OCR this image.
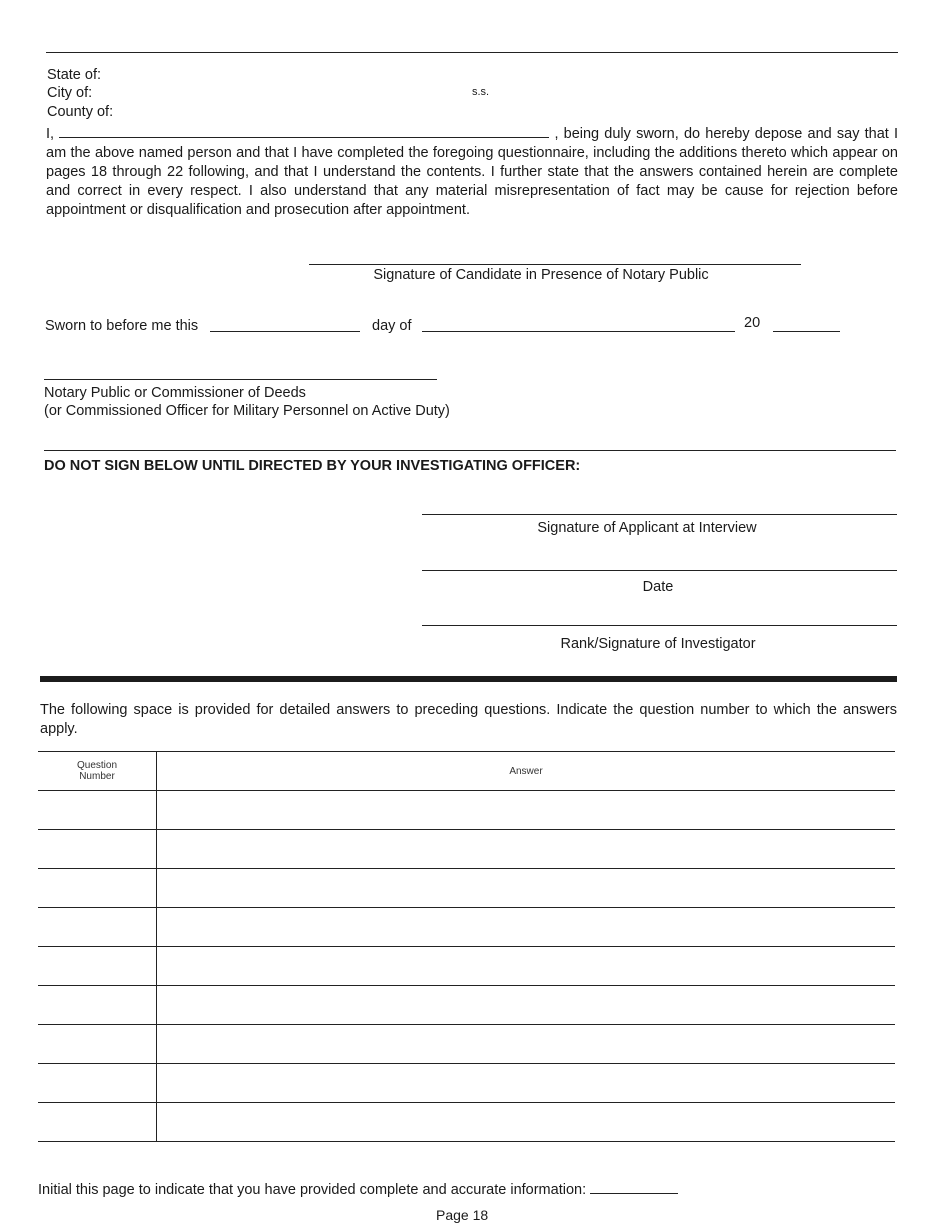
State of:
City of:
County of:
s.s.
I,	, being duly sworn, do hereby depose and say that I am the above named person and that I have completed the foregoing questionnaire, including the additions thereto which appear on pages 18 through 22 following, and that I understand the contents. I further state that the answers contained herein are complete and correct in every respect. I also understand that any material misrepresentation of fact may be cause for rejection before appointment or disqualification and prosecution after appointment.
Signature of Candidate in Presence of Notary Public
Sworn to before me this	day of	20
Notary Public or Commissioner of Deeds
(or Commissioned Officer for Military Personnel on Active Duty)
DO NOT SIGN BELOW UNTIL DIRECTED BY YOUR INVESTIGATING OFFICER:
Signature of Applicant at Interview
Date
Rank/Signature of Investigator
The following space is provided for detailed answers to preceding questions. Indicate the question number to which the answers apply.
Question
Number	Answer

Initial this page to indicate that you have provided complete and accurate information:
Page 18
